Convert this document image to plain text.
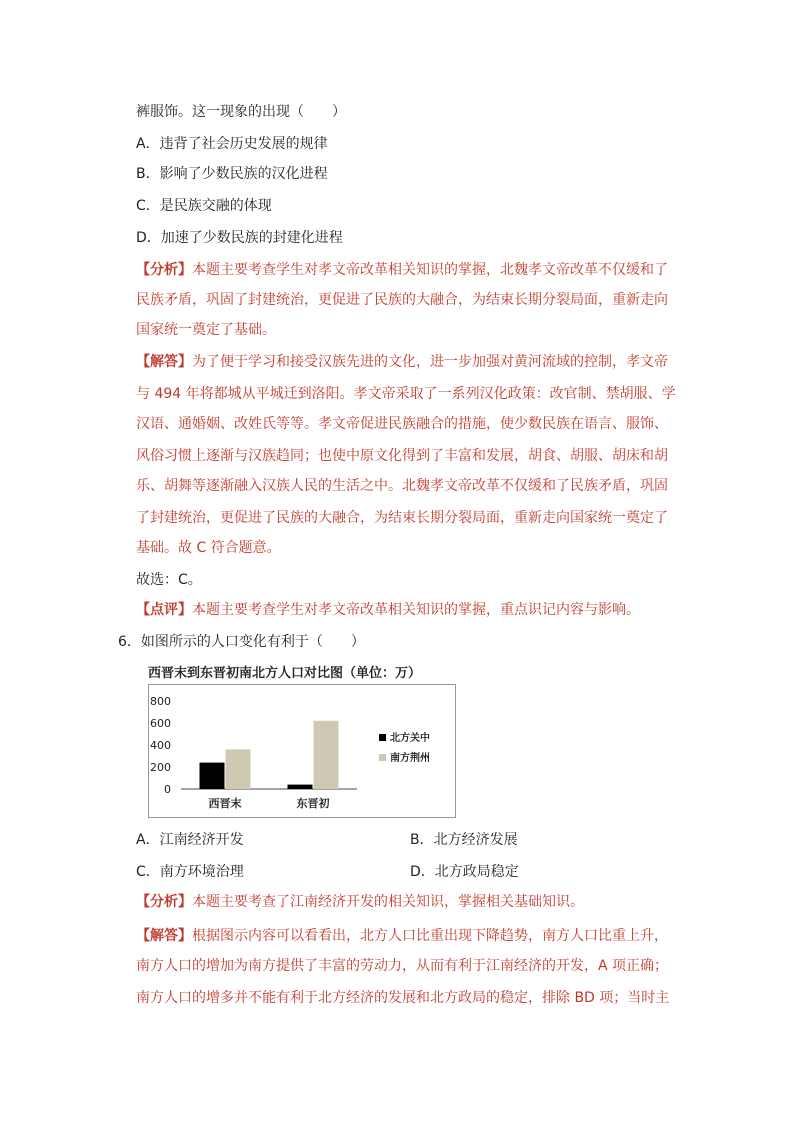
裤服饰。这一现象的出现（　　）
A．违背了社会历史发展的规律
B．影响了少数民族的汉化进程
C．是民族交融的体现
D．加速了少数民族的封建化进程
【分析】本题主要考查学生对孝文帝改革相关知识的掌握，北魏孝文帝改革不仅缓和了
民族矛盾，巩固了封建统治，更促进了民族的大融合，为结束长期分裂局面，重新走向
国家统一奠定了基础。
【解答】为了便于学习和接受汉族先进的文化，进一步加强对黄河流域的控制，孝文帝
与 494 年将都城从平城迁到洛阳。孝文帝采取了一系列汉化政策：改官制、禁胡服、学
汉语、通婚姻、改姓氏等等。孝文帝促进民族融合的措施，使少数民族在语言、服饰、
风俗习惯上逐渐与汉族趋同；也使中原文化得到了丰富和发展，胡食、胡服、胡床和胡
乐、胡舞等逐渐融入汉族人民的生活之中。北魏孝文帝改革不仅缓和了民族矛盾，巩固
了封建统治，更促进了民族的大融合，为结束长期分裂局面，重新走向国家统一奠定了
基础。故 C 符合题意。
故选：C。
【点评】本题主要考查学生对孝文帝改革相关知识的掌握，重点识记内容与影响。
6．如图所示的人口变化有利于（　　）
西晋末到东晋初南北方人口对比图（单位：万）
800
600
400
200
0
西晋末	东晋初
北方关中
南方荆州
A．江南经济开发	B．北方经济发展
C．南方环境治理	D．北方政局稳定
【分析】本题主要考查了江南经济开发的相关知识，掌握相关基础知识。
【解答】根据图示内容可以看看出，北方人口比重出现下降趋势，南方人口比重上升，
南方人口的增加为南方提供了丰富的劳动力，从而有利于江南经济的开发，A 项正确；
南方人口的增多并不能有利于北方经济的发展和北方政局的稳定，排除 BD 项；当时主
